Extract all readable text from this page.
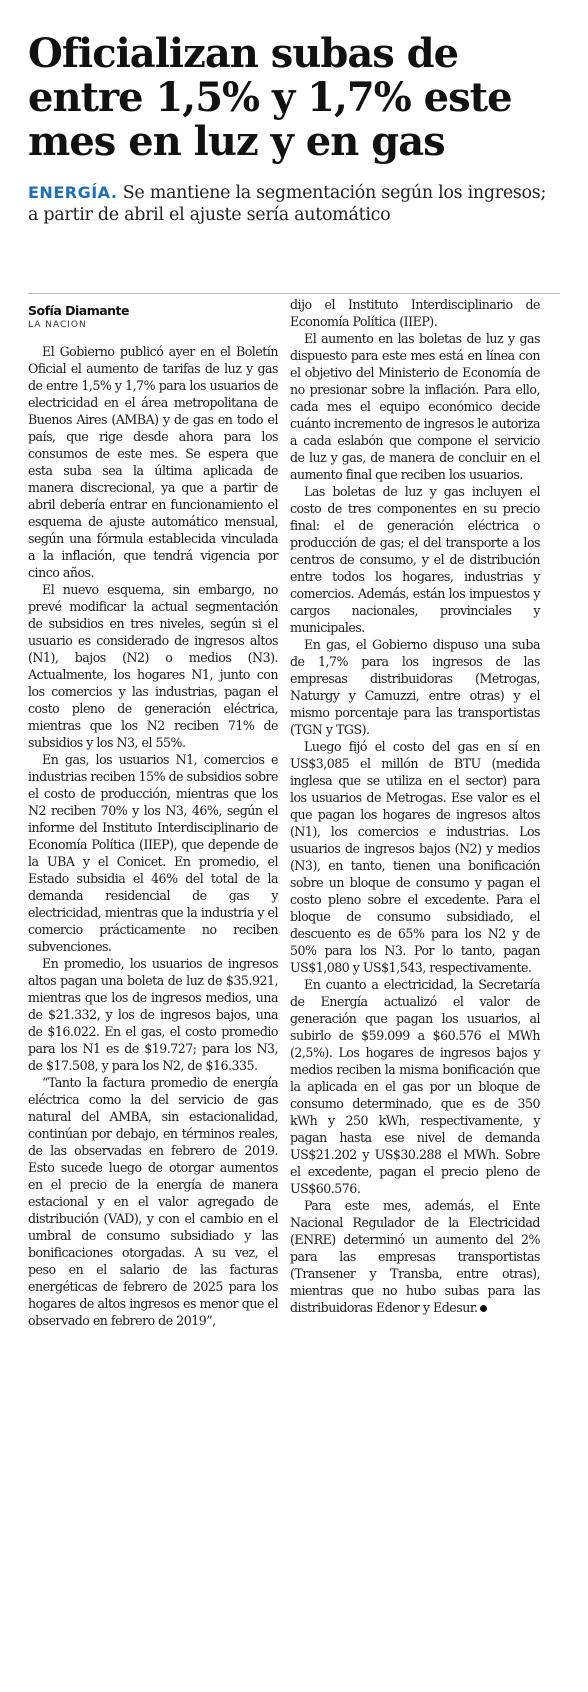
Oficializan subas de entre 1,5% y 1,7% este mes en luz y en gas
ENERGÍA. Se mantiene la segmentación según los ingresos; a partir de abril el ajuste sería automático
Sofía Diamante
LA NACION

El Gobierno publicó ayer en el Boletín Oficial el aumento de tarifas de luz y gas de entre 1,5% y 1,7% para los usuarios de electricidad en el área metropolitana de Buenos Aires (AMBA) y de gas en todo el país, que rige desde ahora para los consumos de este mes. Se espera que esta suba sea la última aplicada de manera discrecional, ya que a partir de abril debería entrar en funcionamiento el esquema de ajuste automático mensual, según una fórmula establecida vinculada a la inflación, que tendrá vigencia por cinco años.

El nuevo esquema, sin embargo, no prevé modificar la actual segmentación de subsidios en tres niveles, según si el usuario es considerado de ingresos altos (N1), bajos (N2) o medios (N3). Actualmente, los hogares N1, junto con los comercios y las industrias, pagan el costo pleno de generación eléctrica, mientras que los N2 reciben 71% de subsidios y los N3, el 55%.

En gas, los usuarios N1, comercios e industrias reciben 15% de subsidios sobre el costo de producción, mientras que los N2 reciben 70% y los N3, 46%, según el informe del Instituto Interdisciplinario de Economía Política (IIEP), que depende de la UBA y el Conicet. En promedio, el Estado subsidia el 46% del total de la demanda residencial de gas y electricidad, mientras que la industria y el comercio prácticamente no reciben subvenciones.

En promedio, los usuarios de ingresos altos pagan una boleta de luz de $35.921, mientras que los de ingresos medios, una de $21.332, y los de ingresos bajos, una de $16.022. En el gas, el costo promedio para los N1 es de $19.727; para los N3, de $17.508, y para los N2, de $16.335.

“Tanto la factura promedio de energía eléctrica como la del servicio de gas natural del AMBA, sin estacionalidad, continúan por debajo, en términos reales, de las observadas en febrero de 2019. Esto sucede luego de otorgar aumentos en el precio de la energía de manera estacional y en el valor agregado de distribución (VAD), y con el cambio en el umbral de consumo subsidiado y las bonificaciones otorgadas. A su vez, el peso en el salario de las facturas energéticas de febrero de 2025 para los hogares de altos ingresos es menor que el observado en febrero de 2019”,

dijo el Instituto Interdisciplinario de Economía Política (IIEP).

El aumento en las boletas de luz y gas dispuesto para este mes está en línea con el objetivo del Ministerio de Economía de no presionar sobre la inflación. Para ello, cada mes el equipo económico decide cuánto incremento de ingresos le autoriza a cada eslabón que compone el servicio de luz y gas, de manera de concluir en el aumento final que reciben los usuarios.

Las boletas de luz y gas incluyen el costo de tres componentes en su precio final: el de generación eléctrica o producción de gas; el del transporte a los centros de consumo, y el de distribución entre todos los hogares, industrias y comercios. Además, están los impuestos y cargos nacionales, provinciales y municipales.

En gas, el Gobierno dispuso una suba de 1,7% para los ingresos de las empresas distribuidoras (Metrogas, Naturgy y Camuzzi, entre otras) y el mismo porcentaje para las transportistas (TGN y TGS).

Luego fijó el costo del gas en sí en US$3,085 el millón de BTU (medida inglesa que se utiliza en el sector) para los usuarios de Metrogas. Ese valor es el que pagan los hogares de ingresos altos (N1), los comercios e industrias. Los usuarios de ingresos bajos (N2) y medios (N3), en tanto, tienen una bonificación sobre un bloque de consumo y pagan el costo pleno sobre el excedente. Para el bloque de consumo subsidiado, el descuento es de 65% para los N2 y de 50% para los N3. Por lo tanto, pagan US$1,080 y US$1,543, respectivamente.

En cuanto a electricidad, la Secretaría de Energía actualizó el valor de generación que pagan los usuarios, al subirlo de $59.099 a $60.576 el MWh (2,5%). Los hogares de ingresos bajos y medios reciben la misma bonificación que la aplicada en el gas por un bloque de consumo determinado, que es de 350 kWh y 250 kWh, respectivamente, y pagan hasta ese nivel de demanda US$21.202 y US$30.288 el MWh. Sobre el excedente, pagan el precio pleno de US$60.576.

Para este mes, además, el Ente Nacional Regulador de la Electricidad (ENRE) determinó un aumento del 2% para las empresas transportistas (Transener y Transba, entre otras), mientras que no hubo subas para las distribuidoras Edenor y Edesur.
